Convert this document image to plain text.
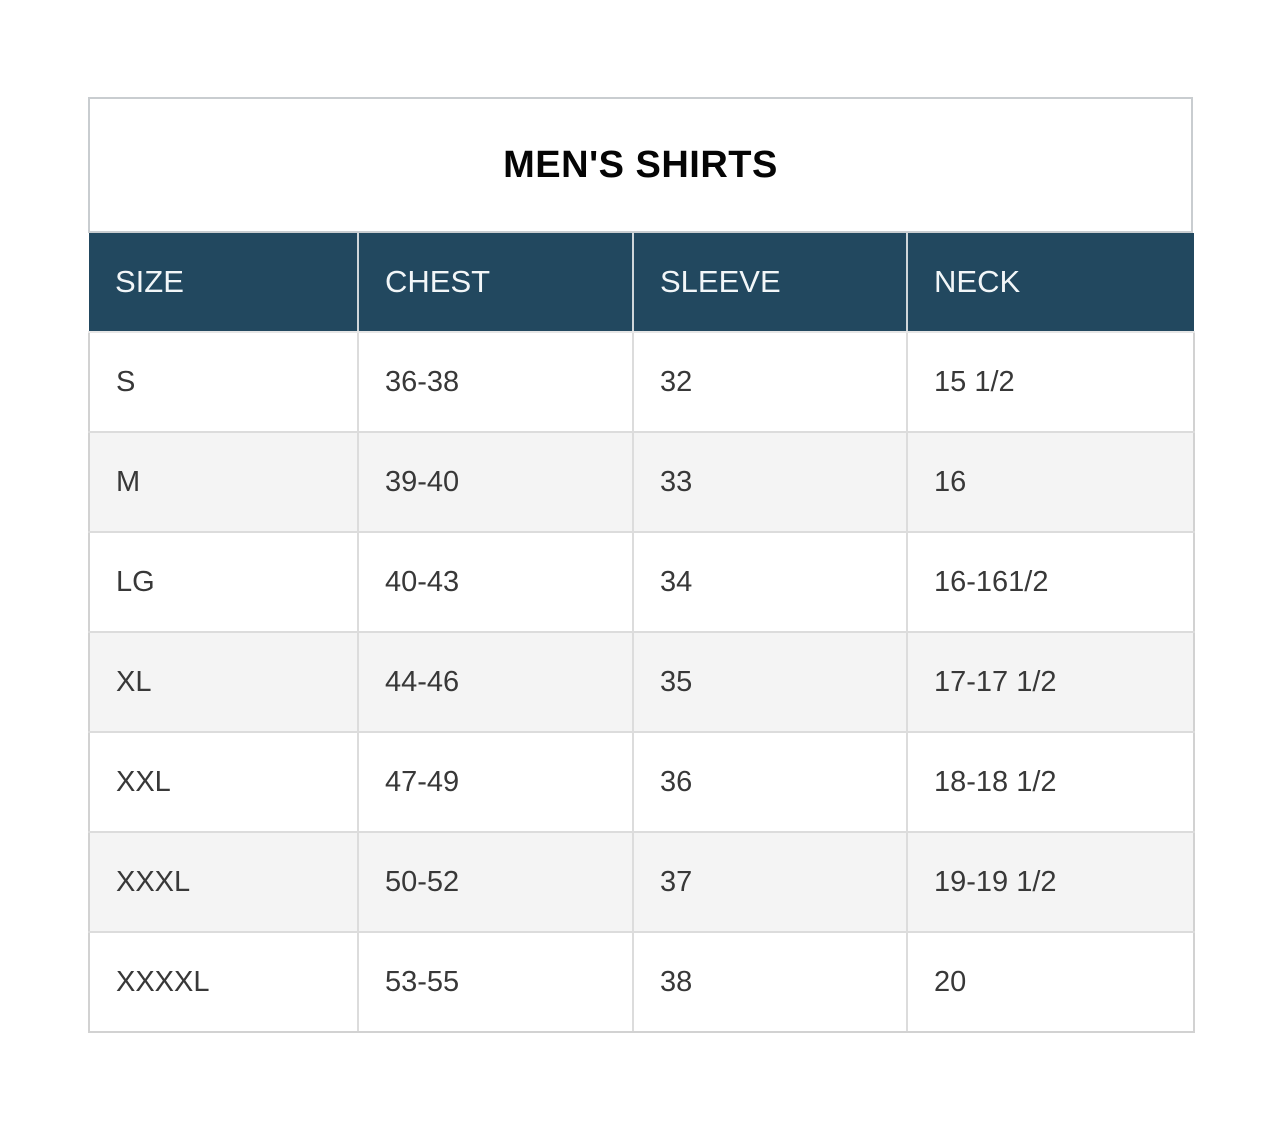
MEN'S SHIRTS
SIZE	CHEST	SLEEVE	NECK
S	36-38	32	15 1/2
M	39-40	33	16
LG	40-43	34	16-161/2
XL	44-46	35	17-17 1/2
XXL	47-49	36	18-18 1/2
XXXL	50-52	37	19-19 1/2
XXXXL	53-55	38	20
